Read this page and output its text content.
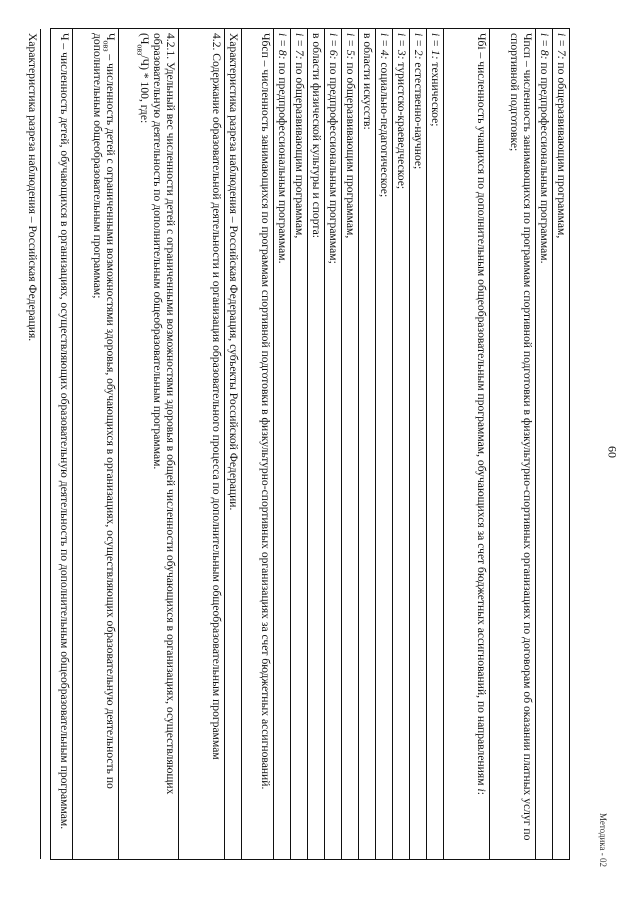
60
Методика - 02
i = 7: по общеразвивающим программам,
i = 8: по предпрофессиональным программам.
Чпсп – численность занимающихся по программам спортивной подготовки в физкультурно-спортивных организациях по договорам об оказании платных услуг по спортивной подготовке;
Чбi – численность учащихся по дополнительным общеобразовательным программам, обучающихся за счет бюджетных ассигнований, по направлениям i:
i = 1: техническое;
i = 2: естественно-научное;
i = 3: туристско-краеведческое;
i = 4: социально-педагогическое;
в области искусств:
i = 5: по общеразвивающим программам,
i = 6: по предпрофессиональным программам;
в области физической культуры и спорта:
i = 7: по общеразвивающим программам,
i = 8: по предпрофессиональным программам.
Чбсп – численность занимающихся по программам спортивной подготовки в физкультурно-спортивных организациях за счет бюджетных ассигнований.
Характеристика разреза наблюдения – Российская Федерация, субъекты Российской Федерации.
4.2. Содержание образовательной деятельности и организация образовательного процесса по дополнительным общеобразовательным программам
4.2.1. Удельный вес численности детей с ограниченными возможностями здоровья в общей численности обучающихся в организациях, осуществляющих образовательную деятельность по дополнительным общеобразовательным программам.
$(Ч_{овз}/Ч) * 100$, где:
$Ч_{овз}$ – численность детей с ограниченными возможностями здоровья, обучающихся в организациях, осуществляющих образовательную деятельность по дополнительным общеобразовательным программам;
Ч – численность детей, обучающихся в организациях, осуществляющих образовательную деятельность по дополнительным общеобразовательным программам.
Характеристика разреза наблюдения – Российская Федерация.
